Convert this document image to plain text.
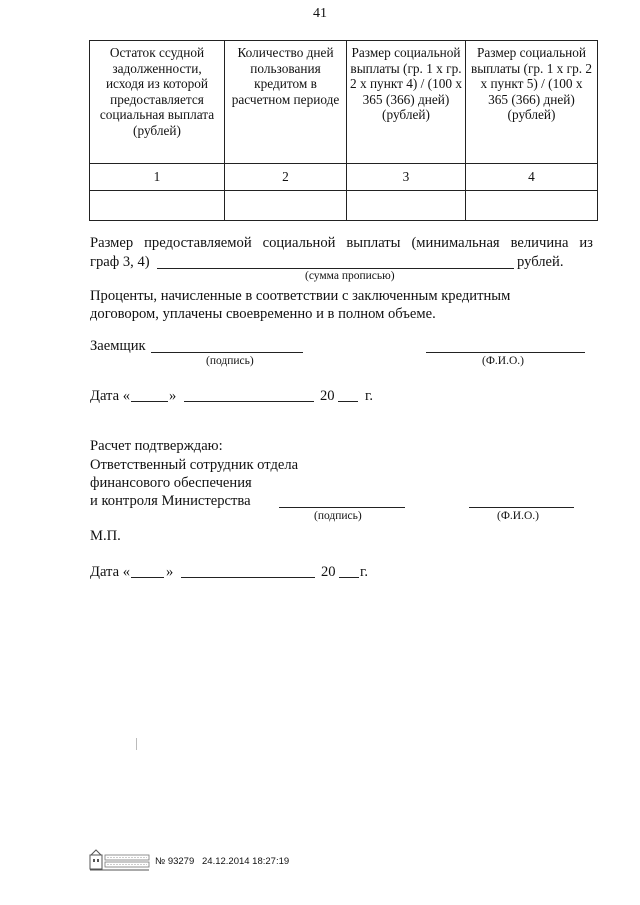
41
Остаток ссудной задолженности, исходя из которой предоставляется социальная выплата (рублей)	Количество дней пользования кредитом в расчетном периоде	Размер социальной выплаты (гр. 1 x гр. 2 x пункт 4) / (100 x 365 (366) дней) (рублей)	Размер социальной выплаты (гр. 1 x гр. 2 x пункт 5) / (100 x 365 (366) дней) (рублей)
1	2	3	4

Размер предоставляемой социальной выплаты (минимальная величина из
граф 3, 4)	рублей.
(сумма прописью)
Проценты, начисленные в соответствии с заключенным кредитным
договором, уплачены своевременно и в полном объеме.
Заемщик
(подпись)	(Ф.И.О.)
Дата «	»	20 г.
Расчет подтверждаю:
Ответственный сотрудник отдела
финансового обеспечения
и контроля Министерства
(подпись)	(Ф.И.О.)
М.П.
Дата « »	20 г.
№ 93279 24.12.2014 18:27:19
